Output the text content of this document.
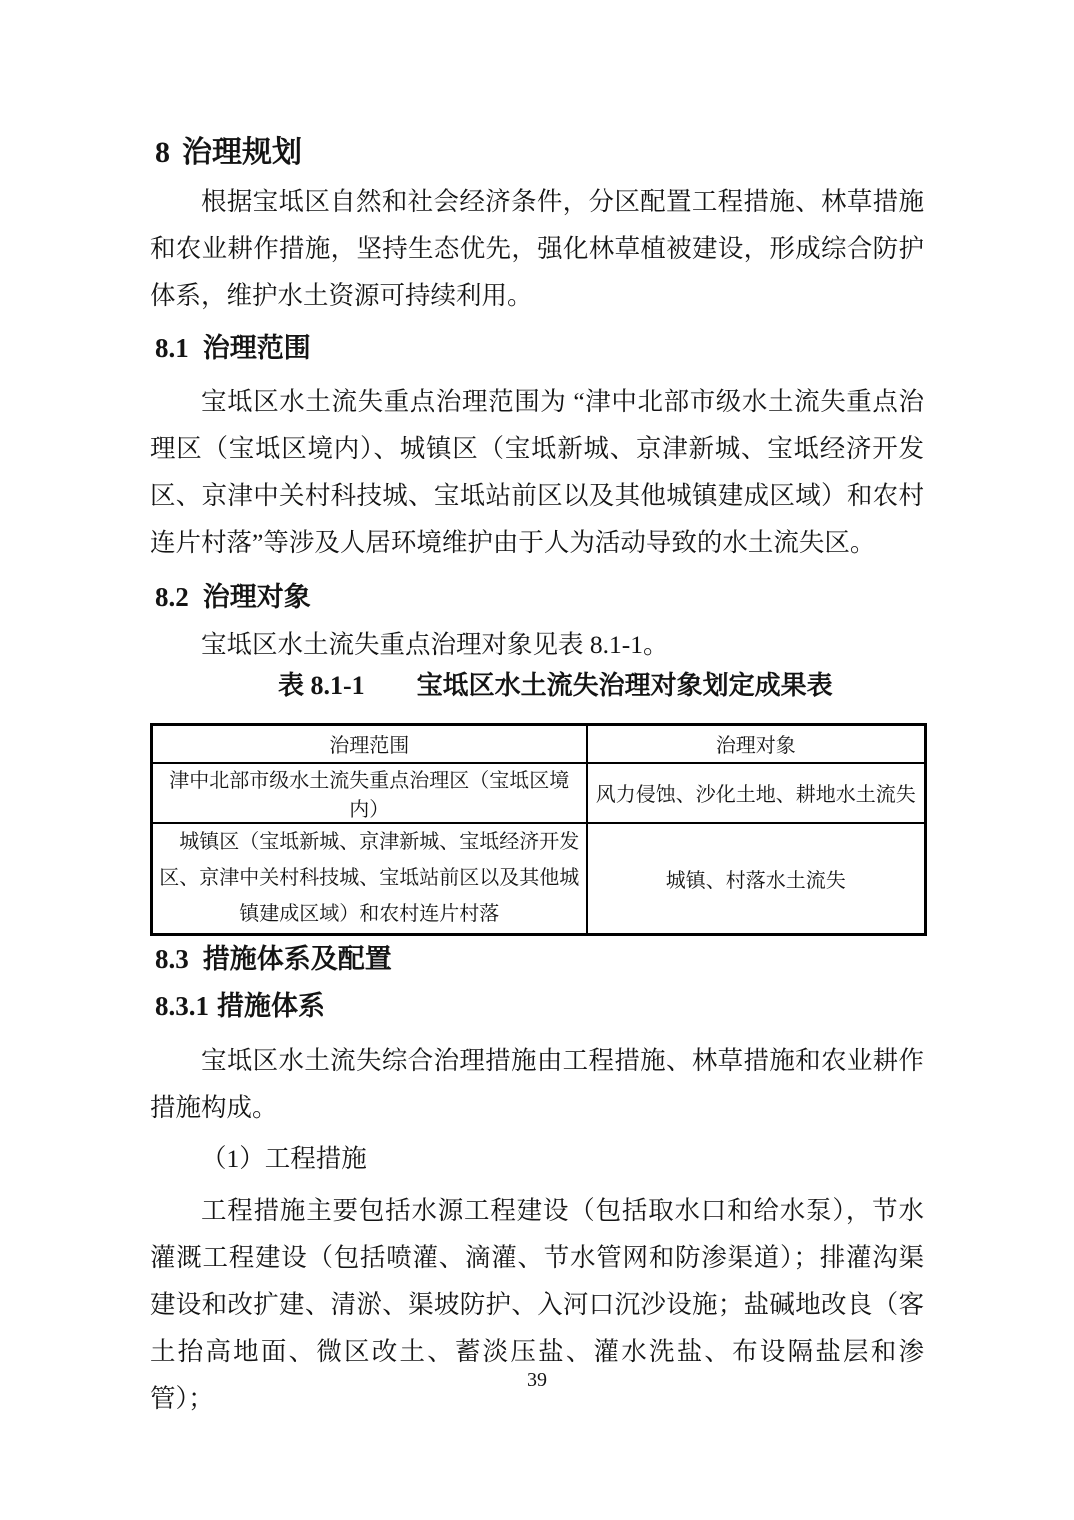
8 治理规划

根据宝坻区自然和社会经济条件，分区配置工程措施、林草措施和农业耕作措施，坚持生态优先，强化林草植被建设，形成综合防护体系，维护水土资源可持续利用。

8.1 治理范围

宝坻区水土流失重点治理范围为 “津中北部市级水土流失重点治理区（宝坻区境内）、城镇区（宝坻新城、京津新城、宝坻经济开发区、京津中关村科技城、宝坻站前区以及其他城镇建成区域）和农村连片村落”等涉及人居环境维护由于人为活动导致的水土流失区。

8.2 治理对象

宝坻区水土流失重点治理对象见表 8.1-1。

表 8.1-1 宝坻区水土流失治理对象划定成果表
治理范围	治理对象
津中北部市级水土流失重点治理区（宝坻区境内）	风力侵蚀、沙化土地、耕地水土流失
城镇区（宝坻新城、京津新城、宝坻经济开发区、京津中关村科技城、宝坻站前区以及其他城镇建成区域）和农村连片村落	城镇、村落水土流失
8.3 措施体系及配置
8.3.1 措施体系

宝坻区水土流失综合治理措施由工程措施、林草措施和农业耕作措施构成。

（1）工程措施

工程措施主要包括水源工程建设（包括取水口和给水泵），节水灌溉工程建设（包括喷灌、滴灌、节水管网和防渗渠道）；排灌沟渠建设和改扩建、清淤、渠坡防护、入河口沉沙设施；盐碱地改良（客土抬高地面、微区改土、蓄淡压盐、灌水洗盐、布设隔盐层和渗管）；

39
